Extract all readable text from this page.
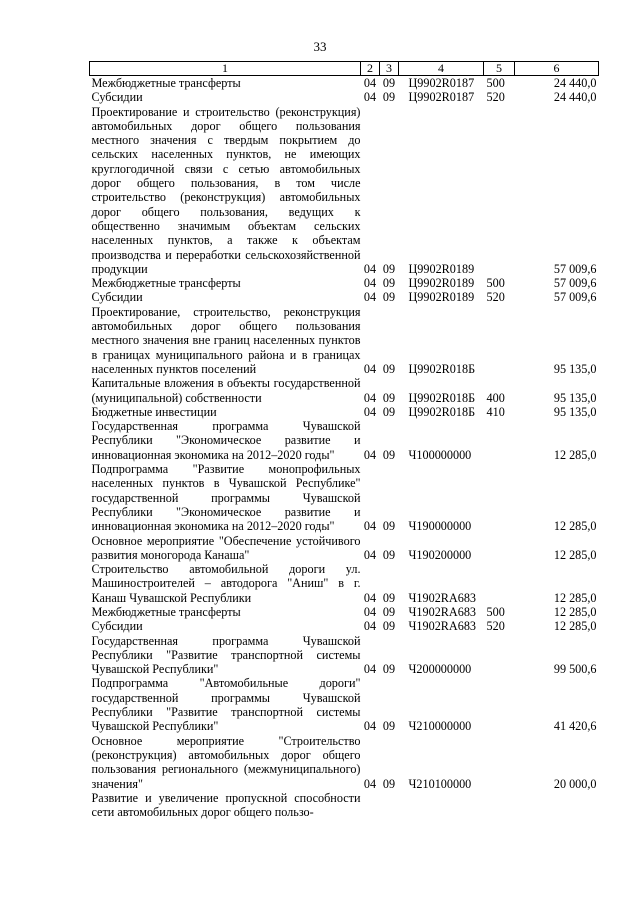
33
1	2	3	4	5	6
Межбюджетные трансферты	04	09	Ц9902R0187	500	24 440,0
Субсидии	04	09	Ц9902R0187	520	24 440,0
Проектирование и строительство (реконструкция) автомобильных дорог общего пользования местного значения с твердым покрытием до сельских населенных пунктов, не имеющих круглогодичной связи с сетью автомобильных дорог общего пользования, в том числе строительство (реконструкция) автомобильных дорог общего пользования, ведущих к общественно значимым объектам сельских населенных пунктов, а также к объектам производства и переработки сельскохозяйственной продукции	04	09	Ц9902R0189		57 009,6
Межбюджетные трансферты	04	09	Ц9902R0189	500	57 009,6
Субсидии	04	09	Ц9902R0189	520	57 009,6
Проектирование, строительство, реконструкция автомобильных дорог общего пользования местного значения вне границ населенных пунктов в границах муниципального района и в границах населенных пунктов поселений	04	09	Ц9902R018Б		95 135,0
Капитальные вложения в объекты государственной (муниципальной) собственности	04	09	Ц9902R018Б	400	95 135,0
Бюджетные инвестиции	04	09	Ц9902R018Б	410	95 135,0
Государственная программа Чувашской Республики "Экономическое развитие и инновационная экономика на 2012–2020 годы"	04	09	Ч100000000		12 285,0
Подпрограмма "Развитие монопрофильных населенных пунктов в Чувашской Республике" государственной программы Чувашской Республики "Экономическое развитие и инновационная экономика на 2012–2020 годы"	04	09	Ч190000000		12 285,0
Основное мероприятие "Обеспечение устойчивого развития моногорода Канаша"	04	09	Ч190200000		12 285,0
Строительство автомобильной дороги ул. Машиностроителей – автодорога "Аниш" в г. Канаш Чувашской Республики	04	09	Ч1902RA683		12 285,0
Межбюджетные трансферты	04	09	Ч1902RA683	500	12 285,0
Субсидии	04	09	Ч1902RA683	520	12 285,0
Государственная программа Чувашской Республики "Развитие транспортной системы Чувашской Республики"	04	09	Ч200000000		99 500,6
Подпрограмма "Автомобильные дороги" государственной программы Чувашской Республики "Развитие транспортной системы Чувашской Республики"	04	09	Ч210000000		41 420,6
Основное мероприятие "Строительство (реконструкция) автомобильных дорог общего пользования регионального (межмуниципального) значения"	04	09	Ч210100000		20 000,0
Развитие и увеличение пропускной способности сети автомобильных дорог общего пользо-					
